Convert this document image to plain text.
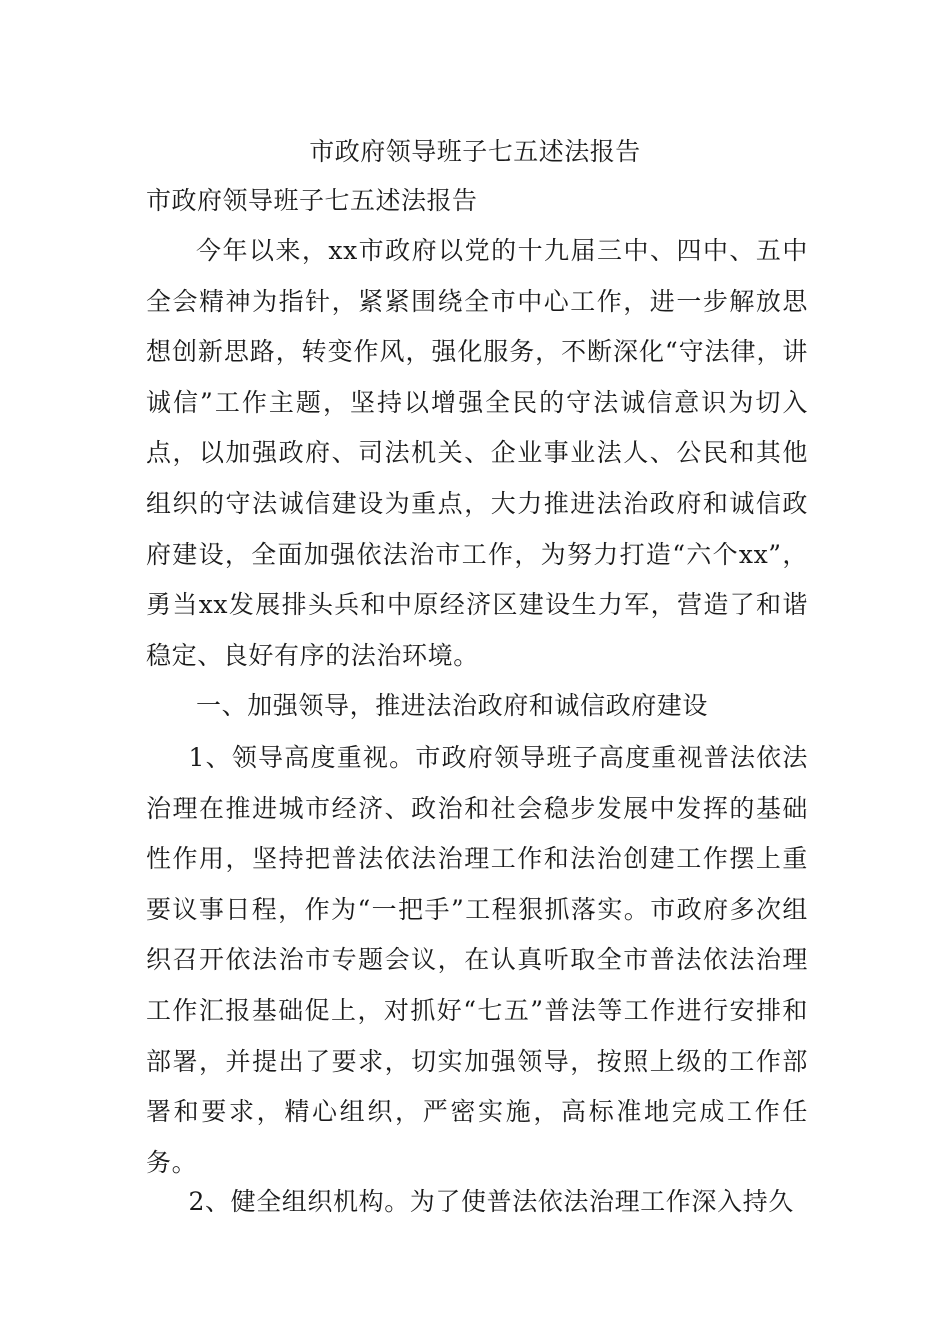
市政府领导班子七五述法报告
市政府领导班子七五述法报告

今年以来，xx市政府以党的十九届三中、四中、五中全会精神为指针，紧紧围绕全市中心工作，进一步解放思想创新思路，转变作风，强化服务，不断深化“守法律，讲诚信”工作主题，坚持以增强全民的守法诚信意识为切入点，以加强政府、司法机关、企业事业法人、公民和其他组织的守法诚信建设为重点，大力推进法治政府和诚信政府建设，全面加强依法治市工作，为努力打造“六个xx”，勇当xx发展排头兵和中原经济区建设生力军，营造了和谐稳定、良好有序的法治环境。

一、加强领导，推进法治政府和诚信政府建设

1、领导高度重视。市政府领导班子高度重视普法依法治理在推进城市经济、政治和社会稳步发展中发挥的基础性作用，坚持把普法依法治理工作和法治创建工作摆上重要议事日程，作为“一把手”工程狠抓落实。市政府多次组织召开依法治市专题会议，在认真听取全市普法依法治理工作汇报基础促上，对抓好“七五”普法等工作进行安排和部署，并提出了要求，切实加强领导，按照上级的工作部署和要求，精心组织，严密实施，高标准地完成工作任务。

2、健全组织机构。为了使普法依法治理工作深入持久
